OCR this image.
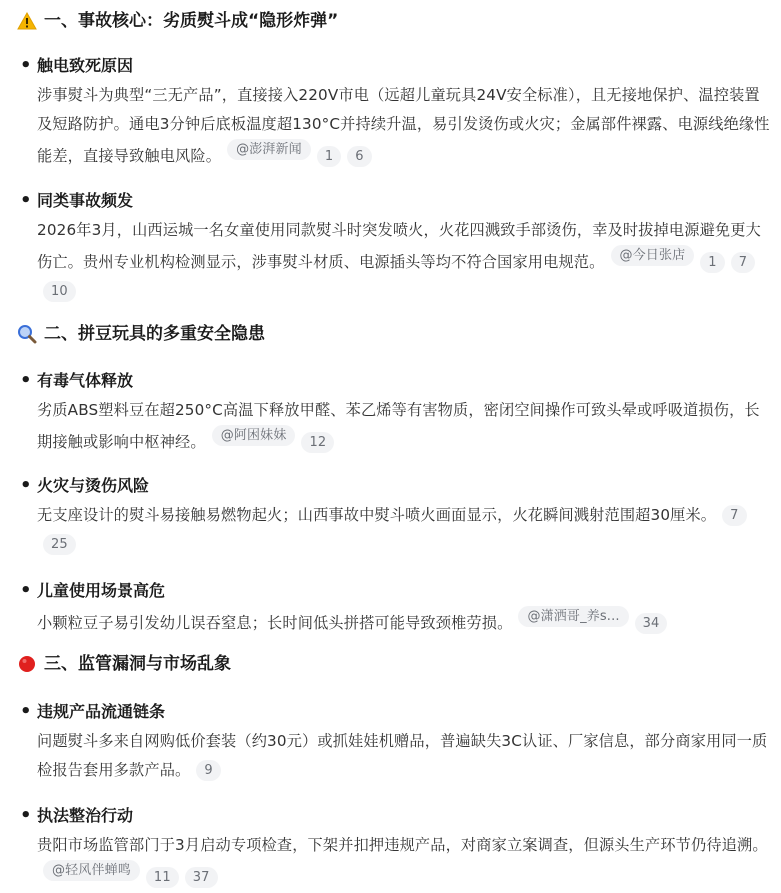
一、事故核心：劣质熨斗成“隐形炸弹”
• 触电致死原因
涉事熨斗为典型“三无产品”，直接接入220V市电（远超儿童玩具24V安全标准），且无接地保护、温控装置及短路防护。通电3分钟后底板温度超130°C并持续升温，易引发烫伤或火灾；金属部件裸露、电源线绝缘性能差，直接导致触电风险。 @澎湃新闻 1 6
• 同类事故频发
2026年3月，山西运城一名女童使用同款熨斗时突发喷火，火花四溅致手部烫伤，幸及时拔掉电源避免更大伤亡。贵州专业机构检测显示，涉事熨斗材质、电源插头等均不符合国家用电规范。 @今日张店 1 710
二、拼豆玩具的多重安全隐患
• 有毒气体释放
劣质ABS塑料豆在超250°C高温下释放甲醛、苯乙烯等有害物质，密闭空间操作可致头晕或呼吸道损伤，长期接触或影响中枢神经。 @阿困妹妹 12
• 火灾与烫伤风险
无支座设计的熨斗易接触易燃物起火；山西事故中熨斗喷火画面显示，火花瞬间溅射范围超30厘米。 725
• 儿童使用场景高危
小颗粒豆子易引发幼儿误吞窒息；长时间低头拼搭可能导致颈椎劳损。 @潇洒哥_养s... 34
三、监管漏洞与市场乱象
• 违规产品流通链条
问题熨斗多来自网购低价套装（约30元）或抓娃娃机赠品，普遍缺失3C认证、厂家信息，部分商家用同一质检报告套用多款产品。 9
• 执法整治行动
贵阳市场监管部门于3月启动专项检查，下架并扣押违规产品，对商家立案调查，但源头生产环节仍待追溯。@轻风伴蝉鸣 11 37
